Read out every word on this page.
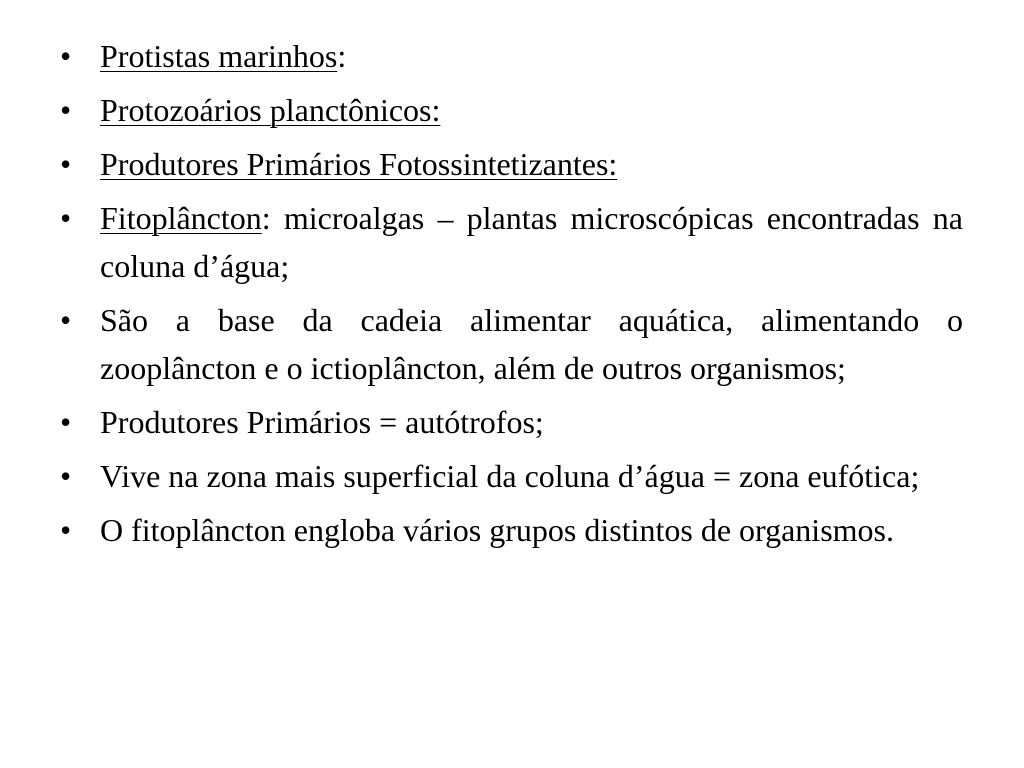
• Protistas marinhos:
• Protozoários planctônicos:
• Produtores Primários Fotossintetizantes:
• Fitoplâncton: microalgas – plantas microscópicas encontradas na coluna d’água;
• São a base da cadeia alimentar aquática, alimentando o zooplâncton e o ictioplâncton, além de outros organismos;
• Produtores Primários = autótrofos;
• Vive na zona mais superficial da coluna d’água = zona eufótica;
• O fitoplâncton engloba vários grupos distintos de organismos.
